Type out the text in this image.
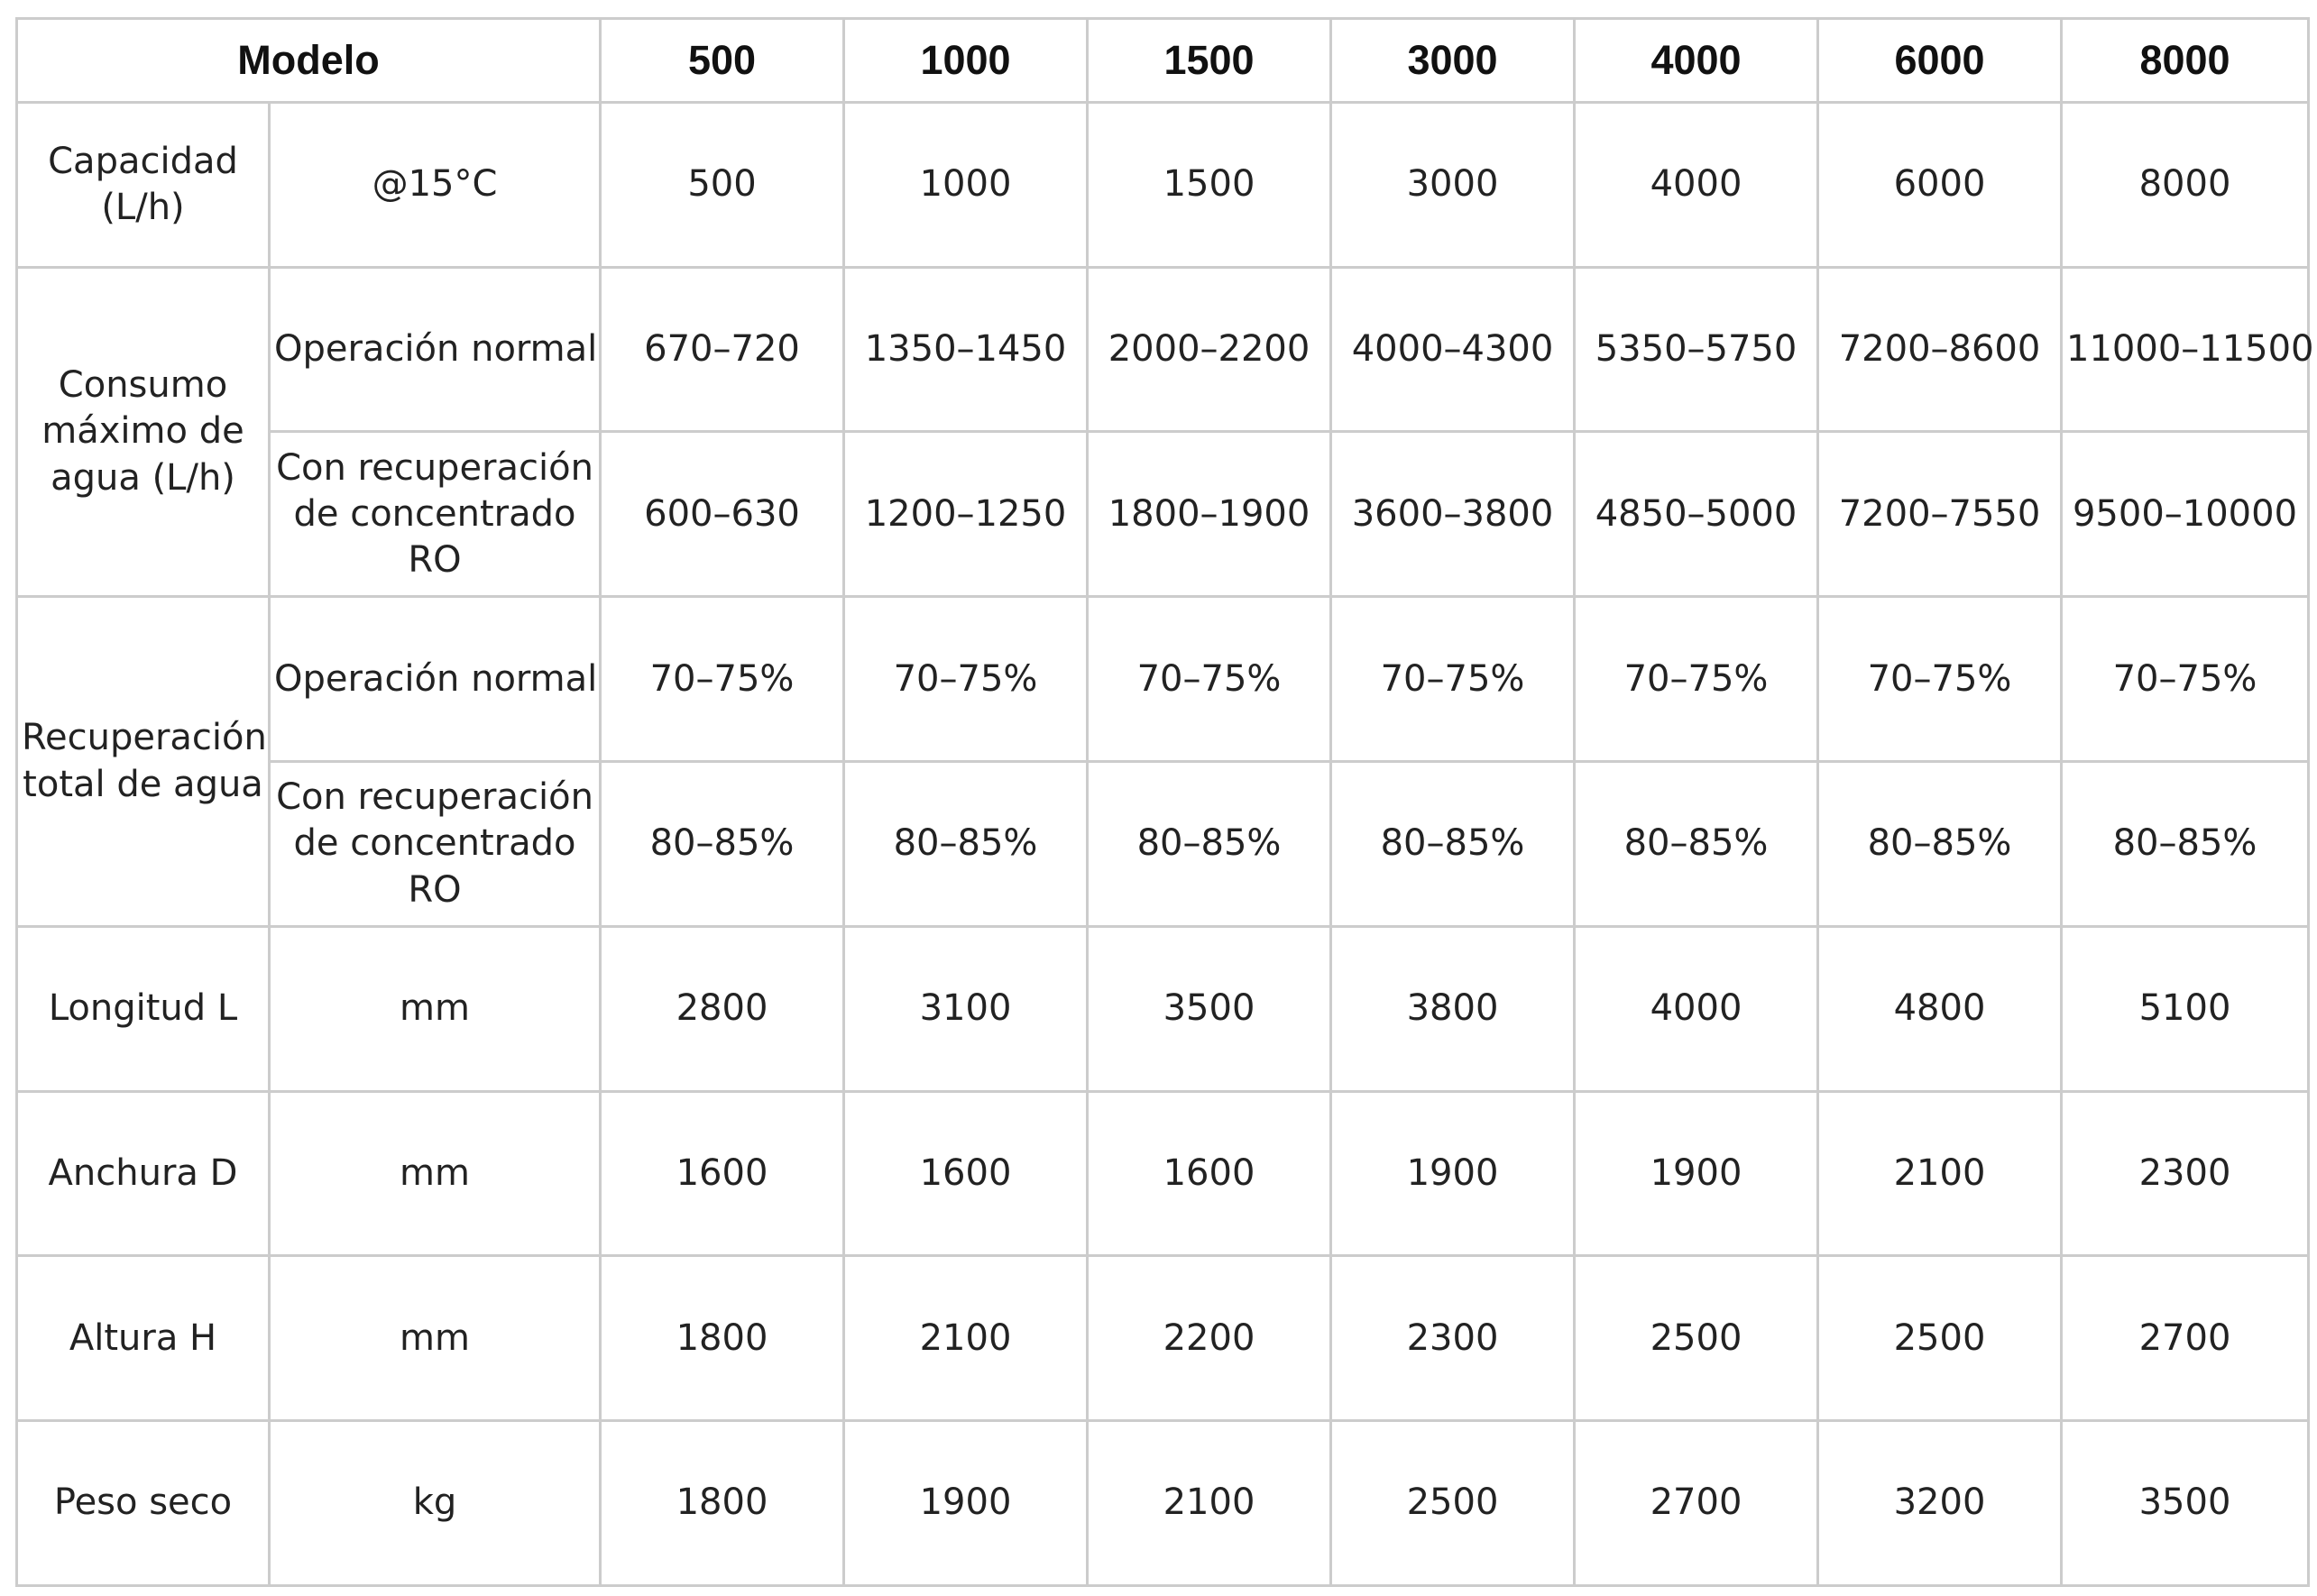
Modelo		500	1000	1500	3000	4000	6000	8000
Capacidad (L/h)	@15°C	500	1000	1500	3000	4000	6000	8000
Consumo máximo de agua (L/h)	Operación normal	670–720	1350–1450	2000–2200	4000–4300	5350–5750	7200–8600	11000–11500
	Con recuperación de concentrado RO	600–630	1200–1250	1800–1900	3600–3800	4850–5000	7200–7550	9500–10000
Recuperación total de agua	Operación normal	70–75%	70–75%	70–75%	70–75%	70–75%	70–75%	70–75%
	Con recuperación de concentrado RO	80–85%	80–85%	80–85%	80–85%	80–85%	80–85%	80–85%
Longitud L	mm	2800	3100	3500	3800	4000	4800	5100
Anchura D	mm	1600	1600	1600	1900	1900	2100	2300
Altura H	mm	1800	2100	2200	2300	2500	2500	2700
Peso seco	kg	1800	1900	2100	2500	2700	3200	3500
